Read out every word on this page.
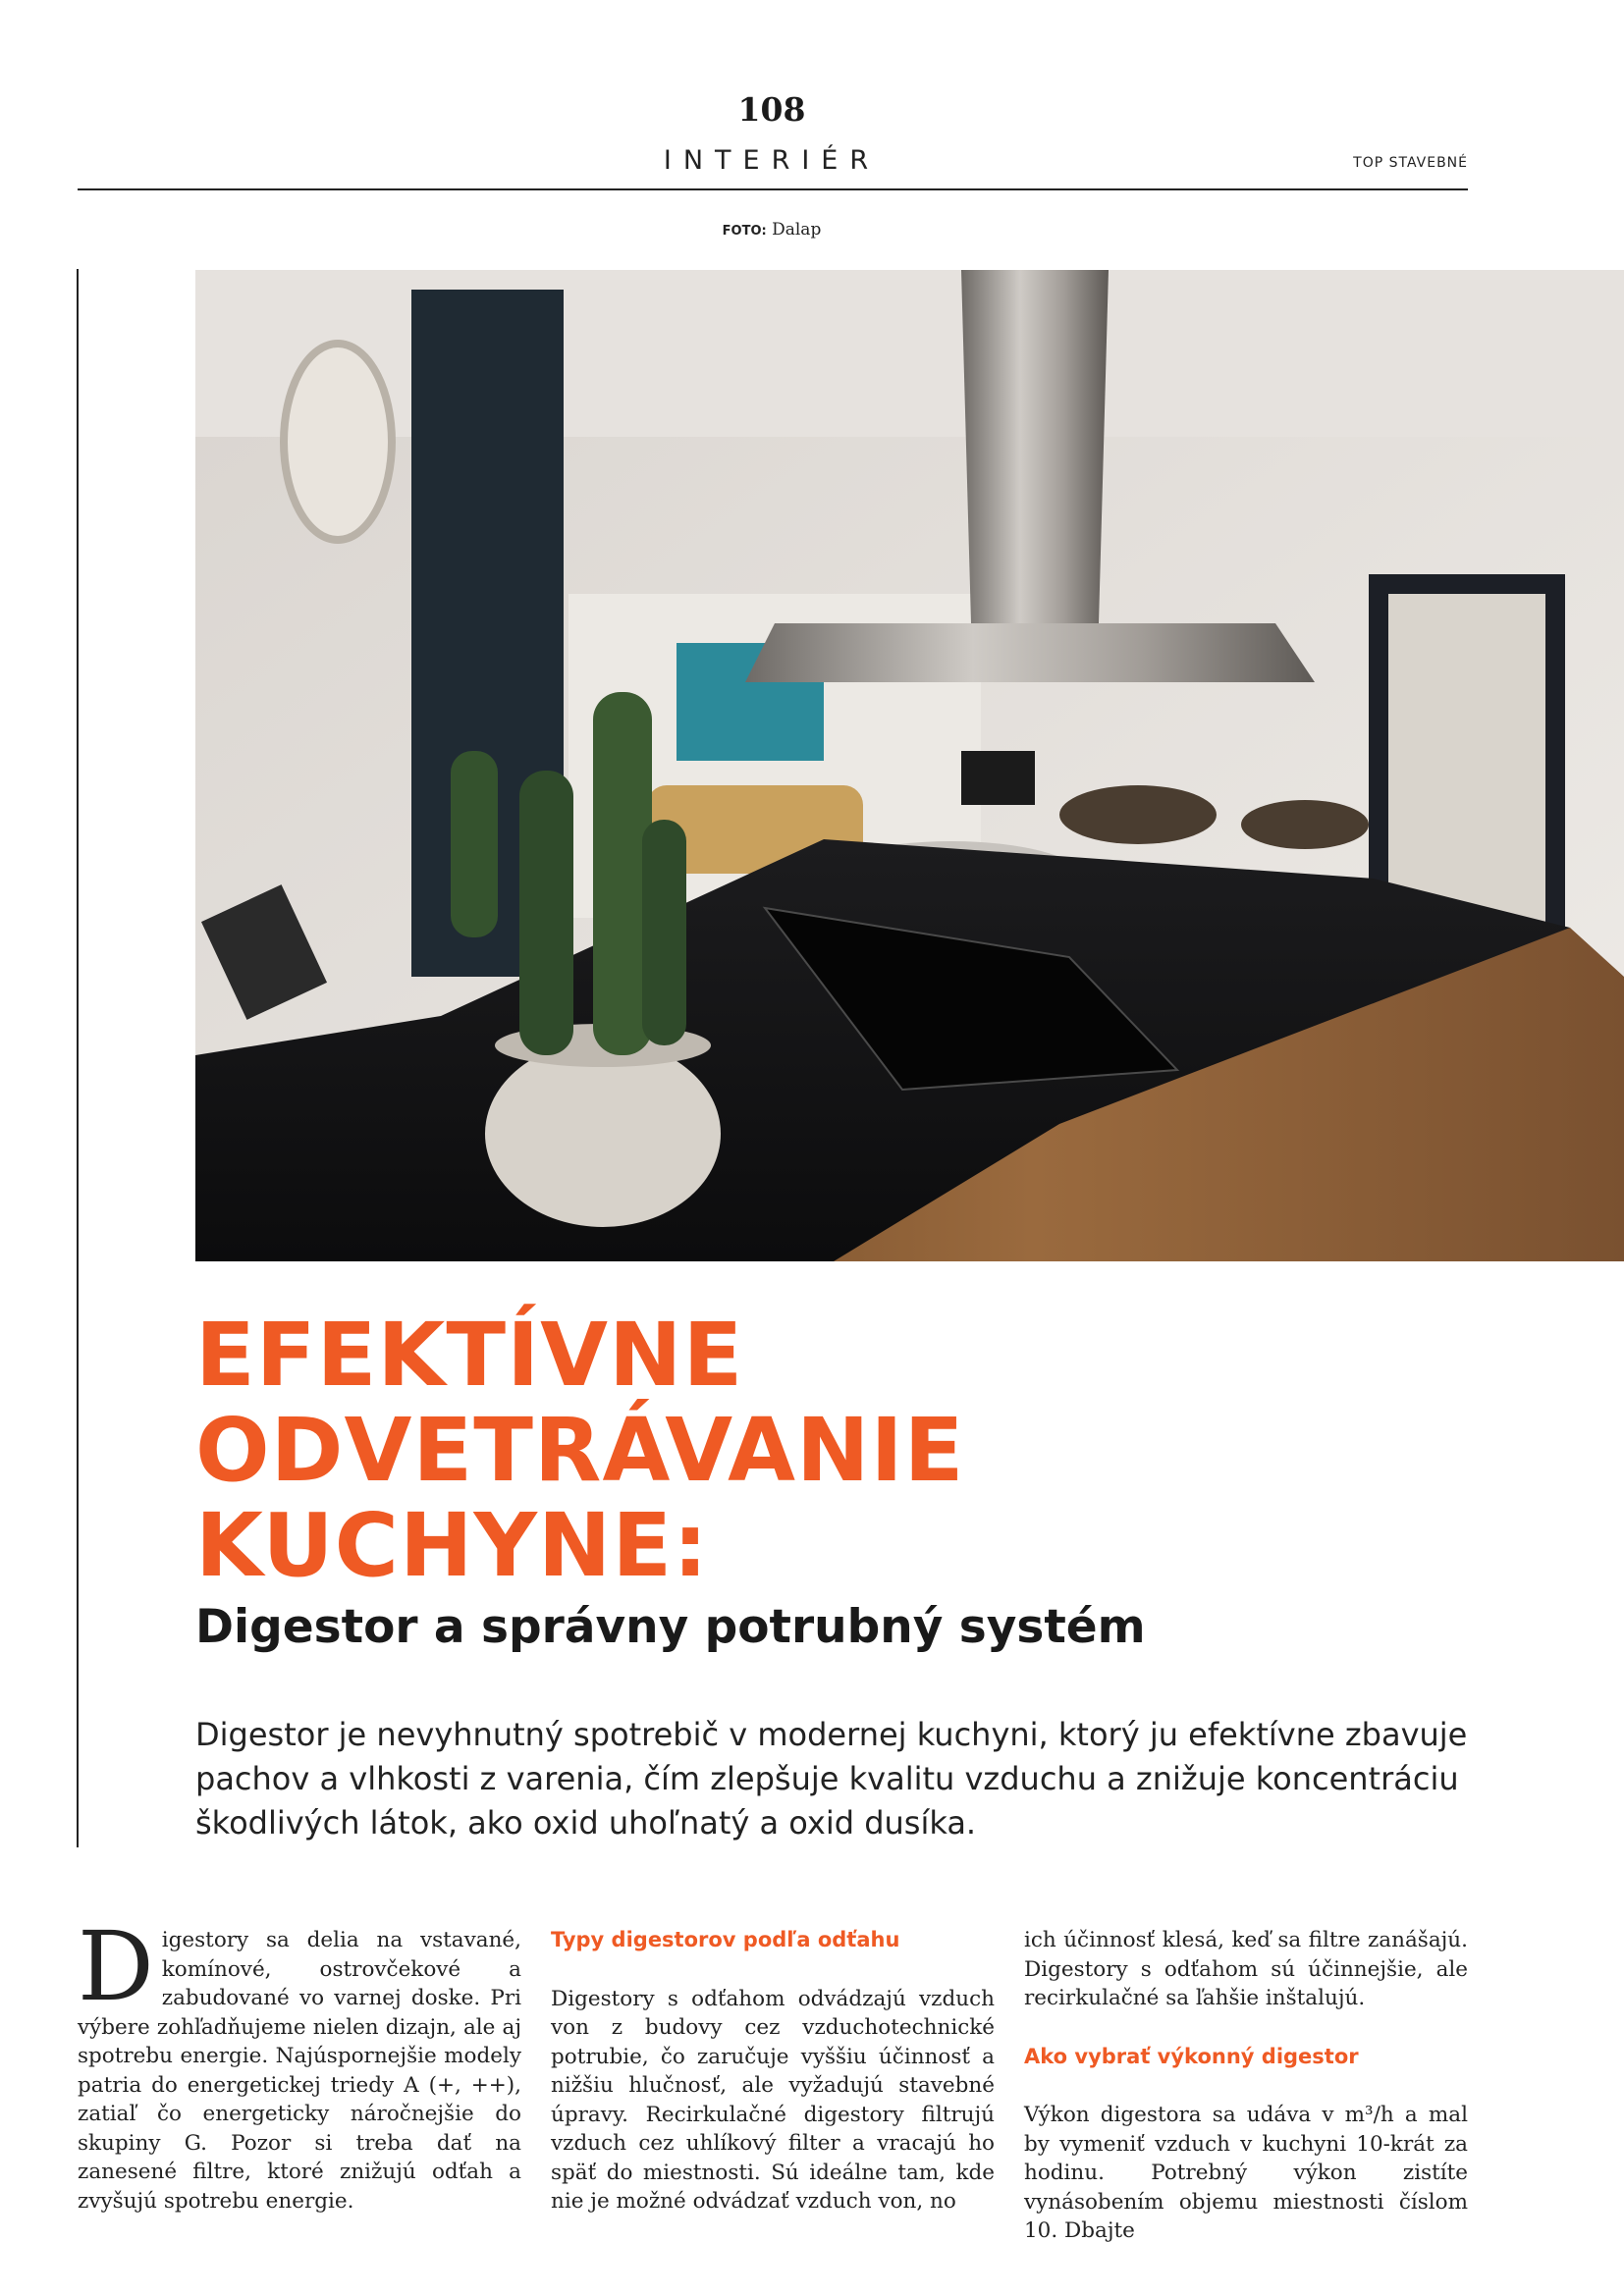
108
INTERIÉR	TOP STAVEBNÉ
FOTO: Dalap
EFEKTÍVNE
ODVETRÁVANIE
KUCHYNE:
Digestor a správny potrubný systém
Digestor je nevyhnutný spotrebič v modernej kuchyni, ktorý ju efektívne zbavuje pachov a vlhkosti z varenia, čím zlepšuje kvalitu vzduchu a znižuje koncentráciu škodlivých látok, ako oxid uhoľnatý a oxid dusíka.
D igestory sa delia na vstavané, komínové, ostrovčekové a zabudované vo varnej doske. Pri výbere zohľadňujeme nielen dizajn, ale aj spotrebu energie. Najúspornejšie modely patria do energetickej triedy A (+, ++), zatiaľ čo energeticky náročnejšie do skupiny G. Pozor si treba dať na zanesené filtre, ktoré znižujú odťah a zvyšujú spotrebu energie.
Typy digestorov podľa odťahu

Digestory s odťahom odvádzajú vzduch von z budovy cez vzduchotechnické potrubie, čo zaručuje vyššiu účinnosť a nižšiu hlučnosť, ale vyžadujú stavebné úpravy. Recirkulačné digestory filtrujú vzduch cez uhlíkový filter a vracajú ho späť do miestnosti. Sú ideálne tam, kde nie je možné odvádzať vzduch von, no

ich účinnosť klesá, keď sa filtre zanášajú. Digestory s odťahom sú účinnejšie, ale recirkulačné sa ľahšie inštalujú.

Ako vybrať výkonný digestor

Výkon digestora sa udáva v m³/h a mal by vymeniť vzduch v kuchyni 10-krát za hodinu. Potrebný výkon zistíte vynásobením objemu miestnosti číslom 10. Dbajte
